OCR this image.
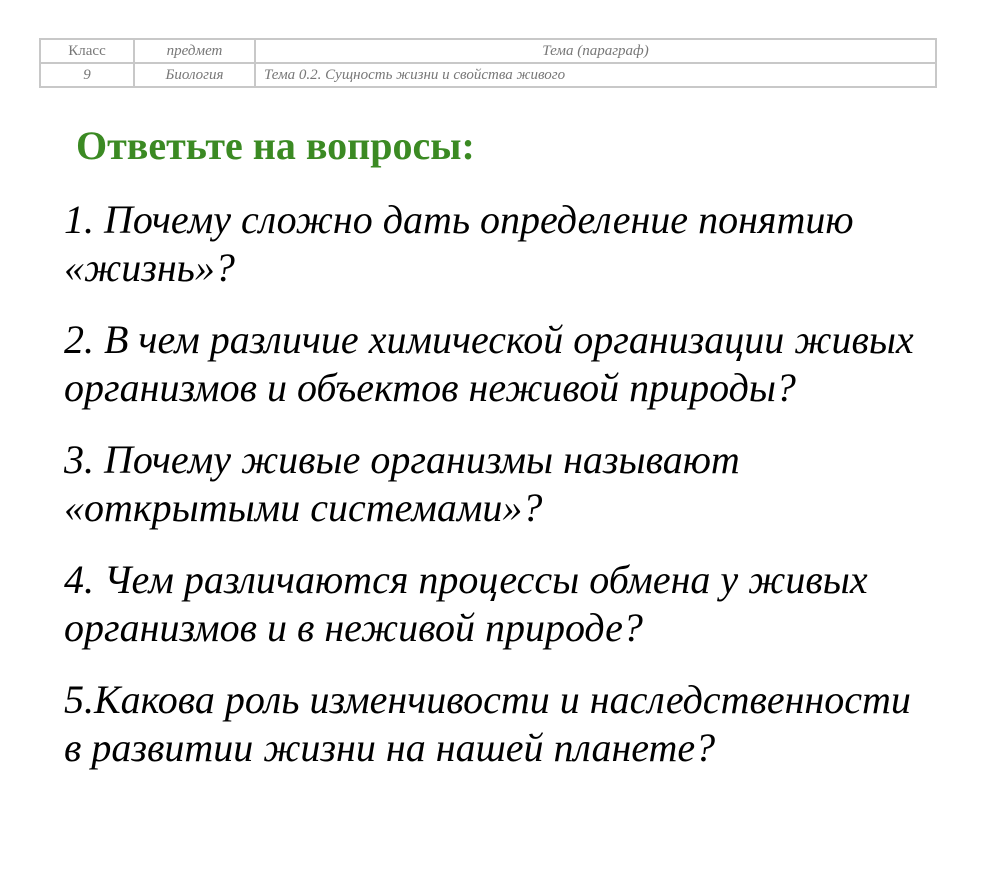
Класс	предмет	Тема (параграф)
9	Биология	Тема 0.2. Сущность жизни и свойства живого
Ответьте на вопросы:
1. Почему сложно дать определение понятию «жизнь»?
2. В чем различие химической организации живых организмов и объектов неживой природы?
3. Почему живые организмы называют «открытыми системами»?
4. Чем различаются процессы обмена у живых организмов и в неживой природе?
5.Какова роль изменчивости и наследственности в развитии жизни на нашей планете?
